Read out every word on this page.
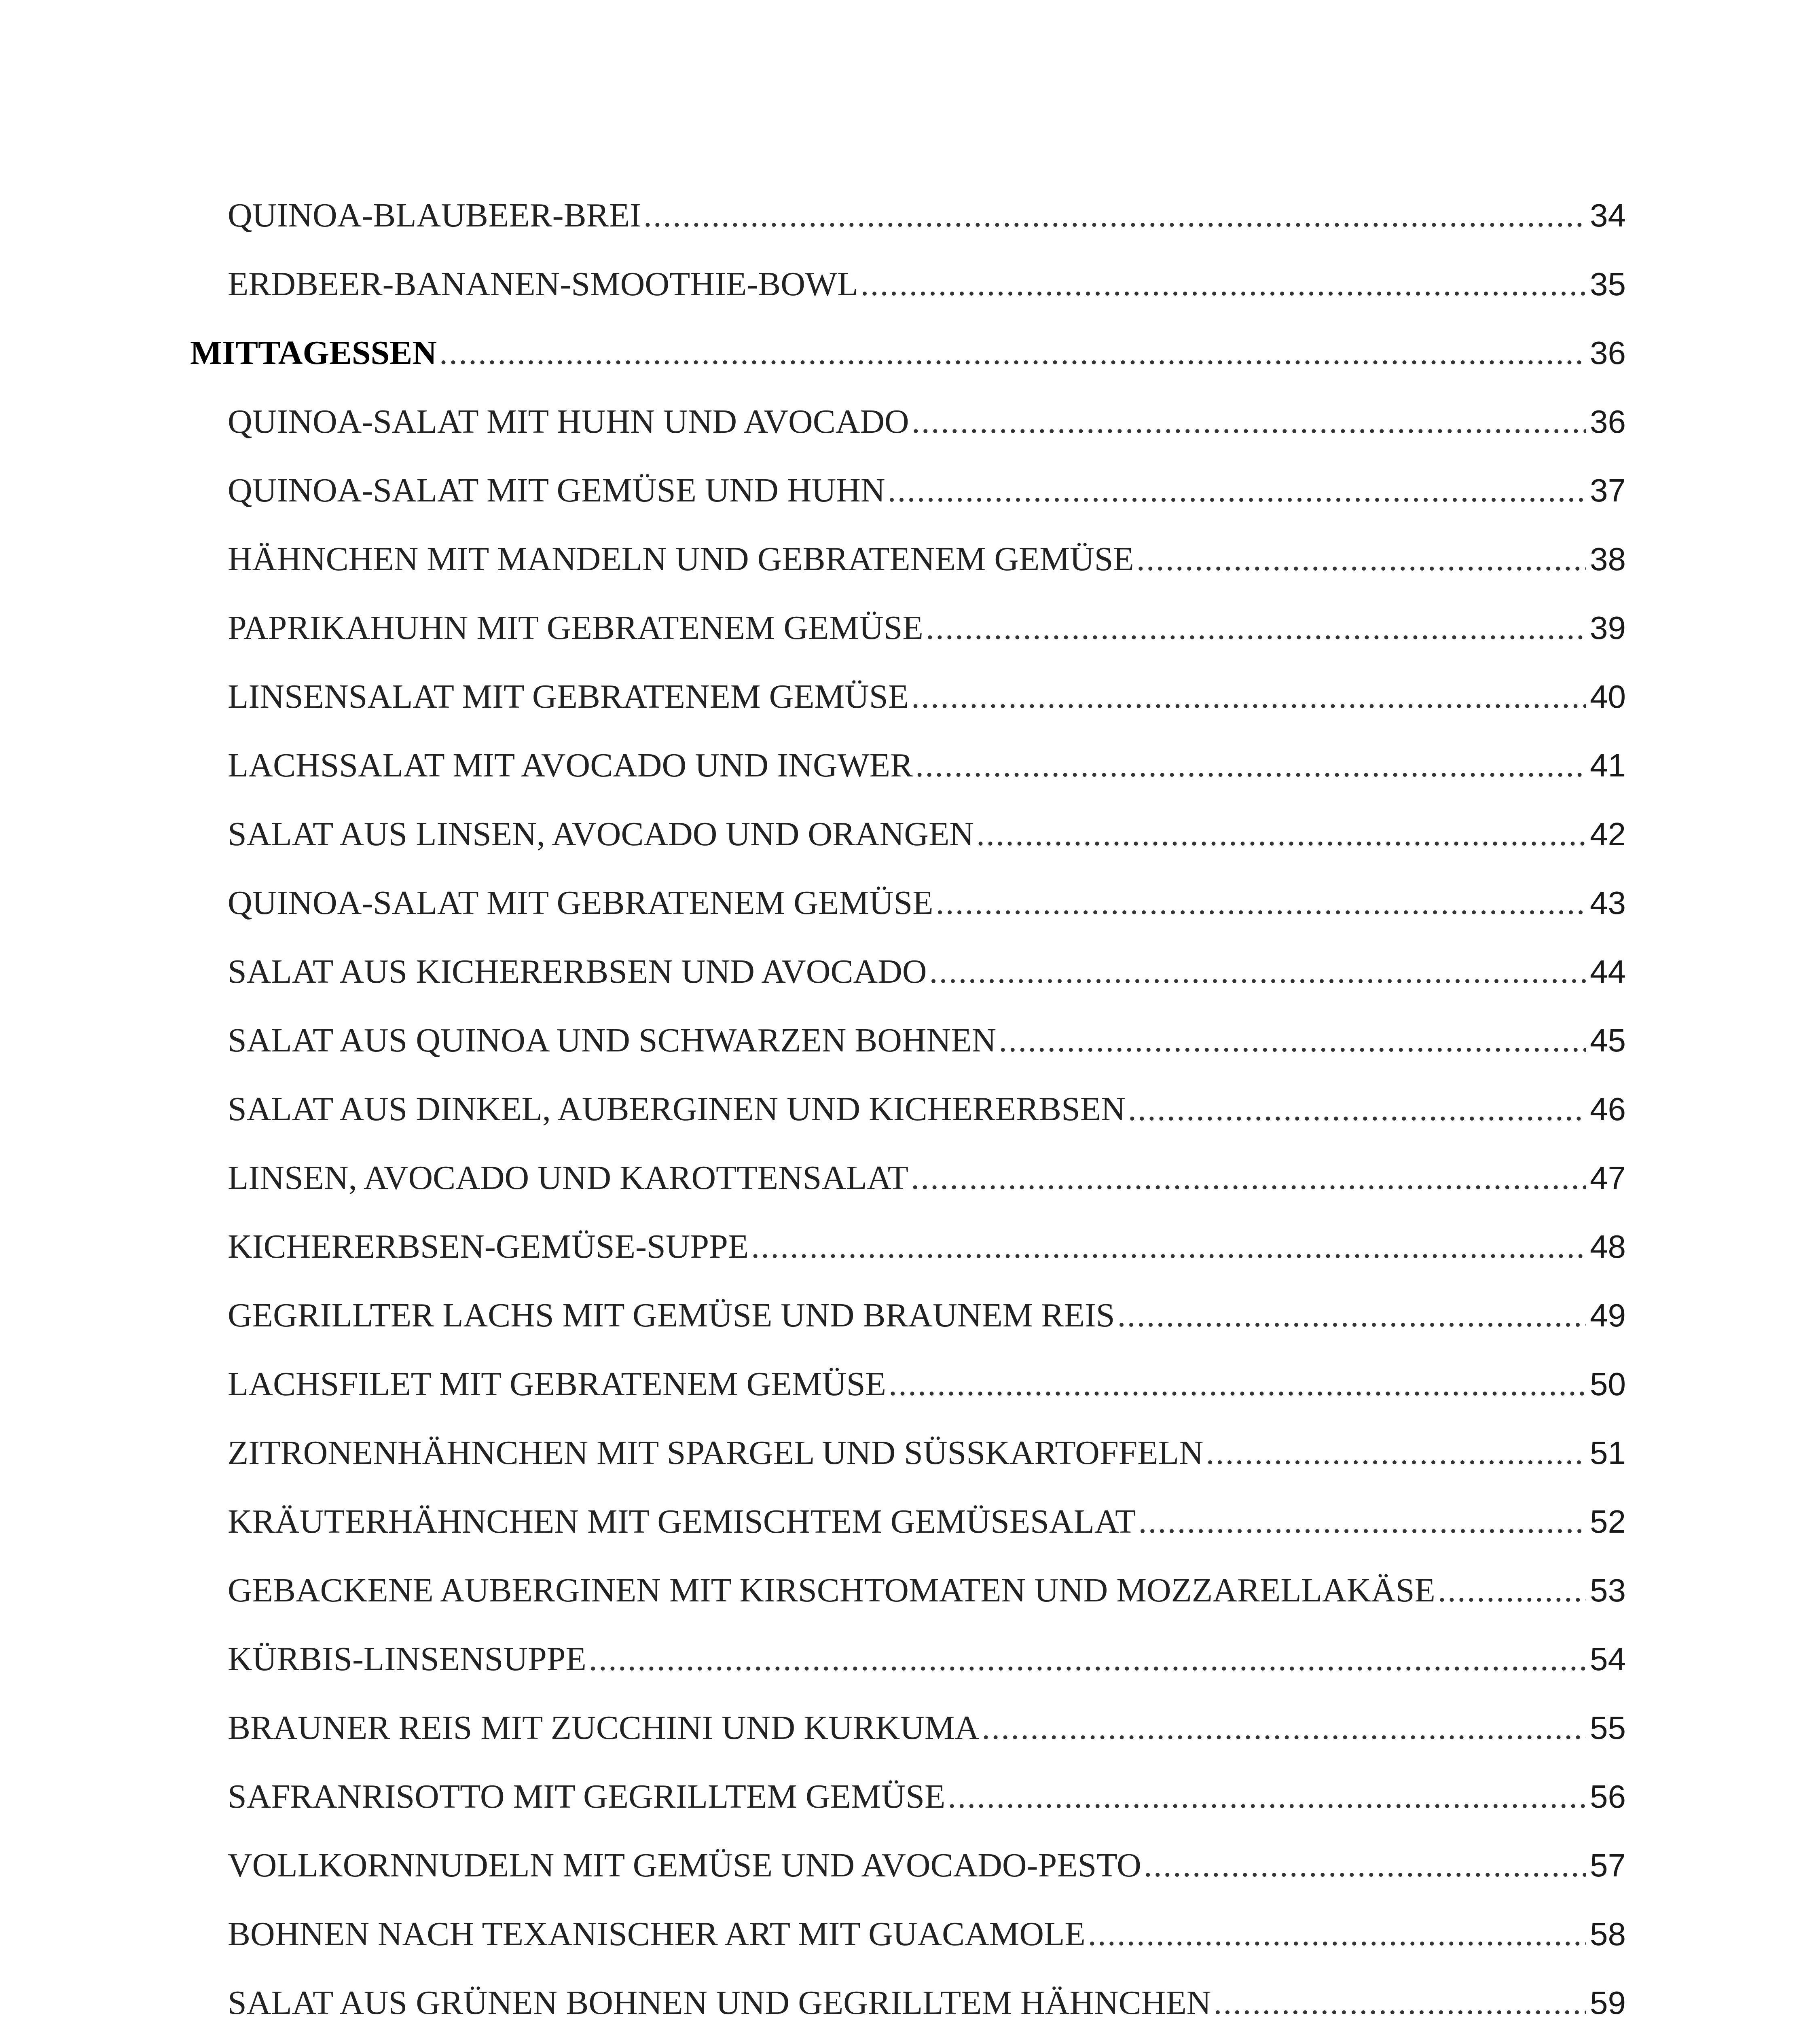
QUINOA-BLAUBEER-BREI .....	34
ERDBEER-BANANEN-SMOOTHIE-BOWL .....	35
MITTAGESSEN .....	36
QUINOA-SALAT MIT HUHN UND AVOCADO .....	36
QUINOA-SALAT MIT GEMÜSE UND HUHN .....	37
HÄHNCHEN MIT MANDELN UND GEBRATENEM GEMÜSE .....	38
PAPRIKAHUHN MIT GEBRATENEM GEMÜSE .....	39
LINSENSALAT MIT GEBRATENEM GEMÜSE .....	40
LACHSSALAT MIT AVOCADO UND INGWER .....	41
SALAT AUS LINSEN, AVOCADO UND ORANGEN .....	42
QUINOA-SALAT MIT GEBRATENEM GEMÜSE .....	43
SALAT AUS KICHERERBSEN UND AVOCADO .....	44
SALAT AUS QUINOA UND SCHWARZEN BOHNEN .....	45
SALAT AUS DINKEL, AUBERGINEN UND KICHERERBSEN .....	46
LINSEN, AVOCADO UND KAROTTENSALAT .....	47
KICHERERBSEN-GEMÜSE-SUPPE .....	48
GEGRILLTER LACHS MIT GEMÜSE UND BRAUNEM REIS .....	49
LACHSFILET MIT GEBRATENEM GEMÜSE .....	50
ZITRONENHÄHNCHEN MIT SPARGEL UND SÜSSKARTOFFELN .....	51
KRÄUTERHÄHNCHEN MIT GEMISCHTEM GEMÜSESALAT .....	52
GEBACKENE AUBERGINEN MIT KIRSCHTOMATEN UND MOZZARELLAKÄSE .....	53
KÜRBIS-LINSENSUPPE .....	54
BRAUNER REIS MIT ZUCCHINI UND KURKUMA .....	55
SAFRANRISOTTO MIT GEGRILLTEM GEMÜSE .....	56
VOLLKORNNUDELN MIT GEMÜSE UND AVOCADO-PESTO .....	57
BOHNEN NACH TEXANISCHER ART MIT GUACAMOLE .....	58
SALAT AUS GRÜNEN BOHNEN UND GEGRILLTEM HÄHNCHEN .....	59
